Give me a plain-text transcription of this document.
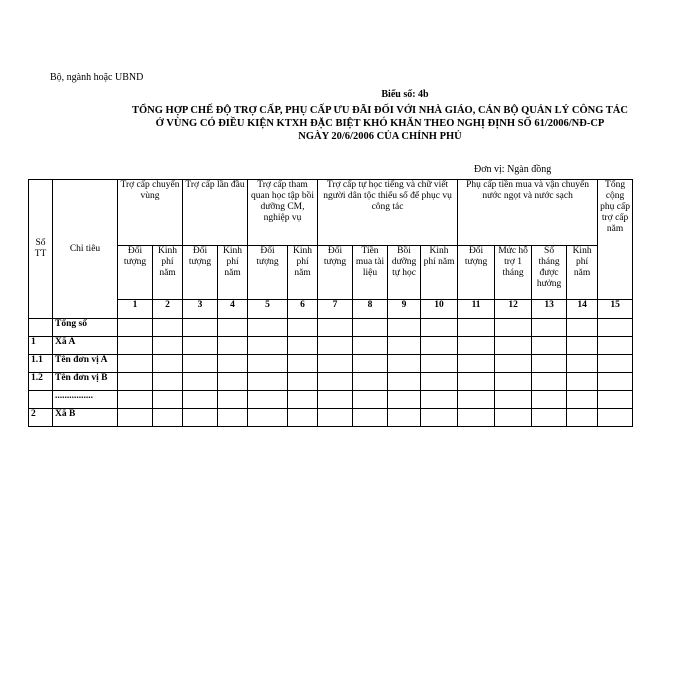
Bộ, ngành hoặc UBND
Biểu số: 4b
TỔNG HỢP CHẾ ĐỘ TRỢ CẤP, PHỤ CẤP ƯU ĐÃI ĐỐI VỚI NHÀ GIÁO, CÁN BỘ QUẢN LÝ CÔNG TÁC
Ở VÙNG CÓ ĐIỀU KIỆN KTXH ĐẶC BIỆT KHÓ KHĂN THEO NGHỊ ĐỊNH SỐ 61/2006/NĐ-CP
NGÀY 20/6/2006 CỦA CHÍNH PHỦ
Đơn vị: Ngàn đồng
Số TT	Chỉ tiêu	Trợ cấp chuyển vùng		Trợ cấp lần đầu		Trợ cấp tham quan học tập bồi dưỡng CM, nghiệp vụ		Trợ cấp tự học tiếng và chữ viết người dân tộc thiểu số để phục vụ công tác				Phụ cấp tiền mua và vận chuyển nước ngọt và nước sạch				Tổng cộng phụ cấp trợ cấp năm
		Đối tượng	Kinh phí năm	Đối tượng	Kinh phí năm	Đối tượng	Kinh phí năm	Đối tượng	Tiền mua tài liệu	Bồi dưỡng tự học	Kinh phí năm	Đối tượng	Mức hỗ trợ 1 tháng	Số tháng được hưởng	Kinh phí năm	
		1	2	3	4	5	6	7	8	9	10	11	12	13	14	15
	Tổng số															
1	Xã A															
1.1	Tên đơn vị A															
1.2	Tên đơn vị B															
	................															
2	Xã B															
